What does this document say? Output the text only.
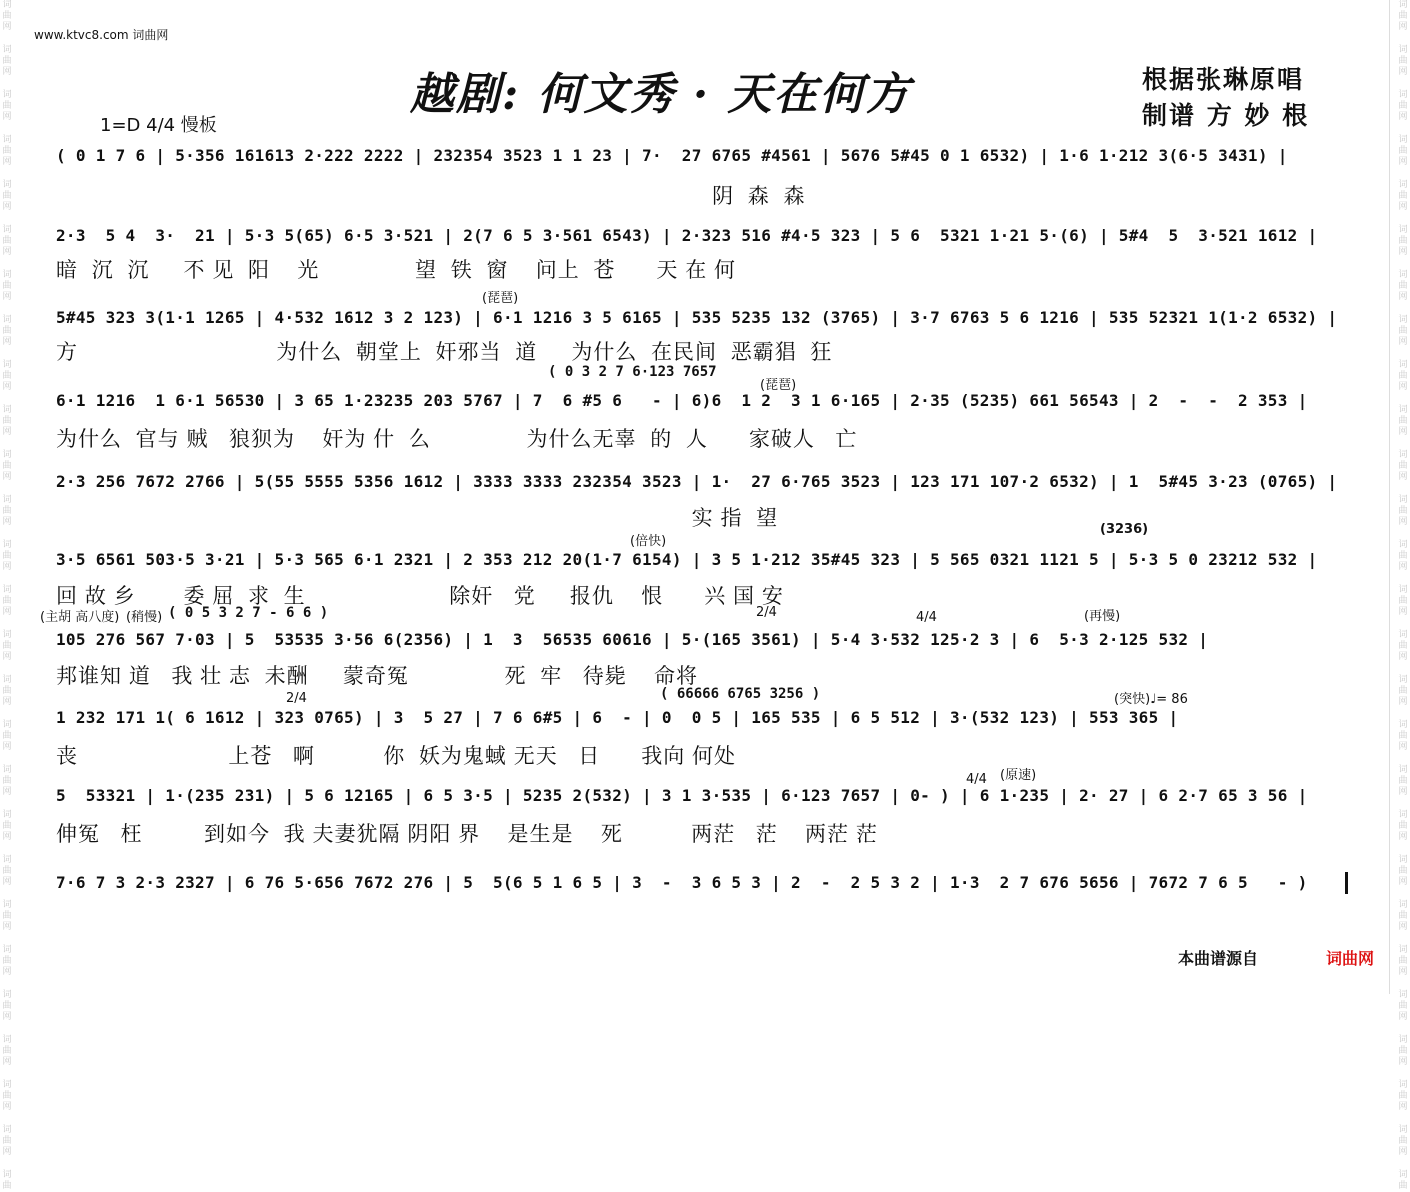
词
曲
网
词
曲
网
词
曲
网
词
曲
网
词
曲
网
词
曲
网
词
曲
网
词
曲
网
词
曲
网
词
曲
网
词
曲
网
词
曲
网
词
曲
网
词
曲
网
词
曲
网
词
曲
网
词
曲
网
词
曲
网
词
曲
网
词
曲
网
词
曲
网
词
曲
网
词
曲
网
词
曲
网
词
曲
网
词
曲
网
词
曲
词
曲
网
词
曲
网
词
曲
网
词
曲
网
词
曲
网
词
曲
网
词
曲
网
词
曲
网
词
曲
网
词
曲
网
词
曲
网
词
曲
网
词
曲
网
词
曲
网
词
曲
网
词
曲
网
词
曲
网
词
曲
网
词
曲
网
词
曲
网
词
曲
网
词
曲
网
词
曲
网
词
曲
网
词
曲
网
词
曲
网
词
曲
www.ktvc8.com 词曲网
越剧: 何文秀 · 天在何方	根据张琳原唱
制谱 方 妙 根
1=D 4/4 慢板
( 0 1 7 6 | 5·356 161613 2·222 2222 | 232354 3523 1 1 23 | 7·  27 6765 #4561 | 5676 5#45 0 1 6532) | 1·6 1·212 3(6·5 3431) |
阴  森  森
2·3  5 4  3·  21 | 5·3 5(65) 6·5 3·521 | 2(7 6 5 3·561 6543) | 2·323 516 #4·5 323 | 5 6  5321 1·21 5·(6) | 5#4  5  3·521 1612 |
暗  沉  沉     不 见  阳    光              望  铁  窗    问上  苍      天 在 何
(琵琶)
5#45 323 3(1·1 1265 | 4·532 1612 3 2 123) | 6·1 1216 3 5 6165 | 535 5235 132 (3765) | 3·7 6763 5 6 1216 | 535 52321 1(1·2 6532) |
方                             为什么  朝堂上  奸邪当  道     为什么  在民间  恶霸猖  狂
( 0 3 2 7 6·123 7657
(琵琶)
6·1 1216  1 6·1 56530 | 3 65 1·23235 203 5767 | 7  6 #5 6   - | 6)6  1 2  3 1 6·165 | 2·35 (5235) 661 56543 | 2  -  -  2 353 |
为什么  官与 贼   狼狈为    奸为 什  么              为什么无辜  的  人      家破人   亡
2·3 256 7672 2766 | 5(55 5555 5356 1612 | 3333 3333 232354 3523 | 1·  27 6·765 3523 | 123 171 107·2 6532) | 1  5#45 3·23 (0765) |
实 指  望
(倍快)
(3236)
3·5 6561 503·5 3·21 | 5·3 565 6·1 2321 | 2 353 212 20(1·7 6154) | 3 5 1·212 35#45 323 | 5 565 0321 1121 5 | 5·3 5 0 23212 532 |
回 故 乡       委 屈  求  生                     除奸   党     报仇    恨      兴 国 安
(主胡 高八度) (稍慢) ( 0 5 3 2 7 - 6 6 )	2/4	4/4	(再慢)
105 276 567 7·03 | 5  53535 3·56 6(2356) | 1  3  56535 60616 | 5·(165 3561) | 5·4 3·532 125·2 3 | 6  5·3 2·125 532 |
邦谁知 道   我 壮 志  未酬     蒙奇冤              死  牢   待毙    命将
2/4	( 66666 6765 3256 )	(突快)♩= 86
1 232 171 1( 6 1612 | 323 0765) | 3  5 27 | 7 6 6#5 | 6  - | 0  0 5 | 165 535 | 6 5 512 | 3·(532 123) | 553 365 |
丧                      上苍   啊          你  妖为鬼蜮 无天   日      我向 何处
4/4 (原速)
5  53321 | 1·(235 231) | 5 6 12165 | 6 5 3·5 | 5235 2(532) | 3 1 3·535 | 6·123 7657 | 0- ) | 6 1·235 | 2· 27 | 6 2·7 65 3 56 |
伸冤   枉         到如今  我 夫妻犹隔 阴阳 界    是生是    死          两茫   茫    两茫 茫
7·6 7 3 2·3 2327 | 6 76 5·656 7672 276 | 5  5(6 5 1 6 5 | 3  -  3 6 5 3 | 2  -  2 5 3 2 | 1·3  2 7 676 5656 | 7672 7 6 5   - )
本曲谱源自	词曲网
